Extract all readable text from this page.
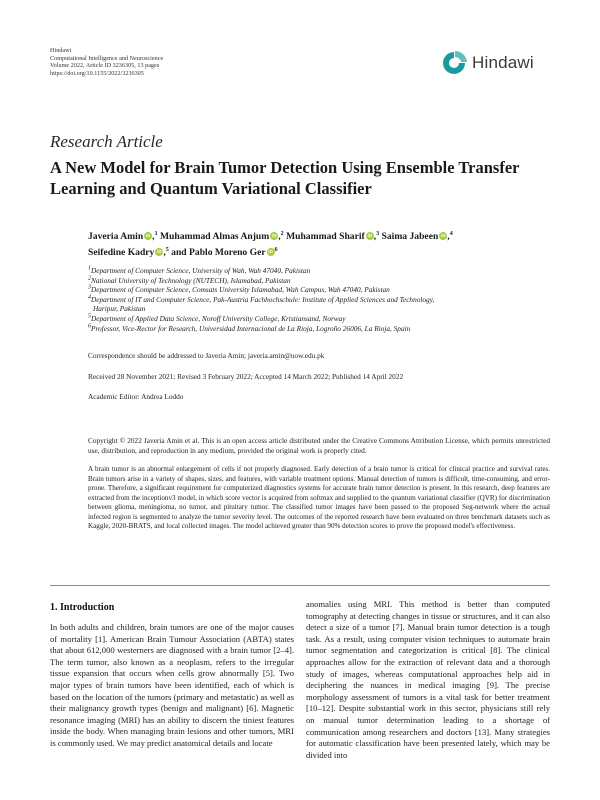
Hindawi
Computational Intelligence and Neuroscience
Volume 2022, Article ID 3236305, 13 pages
https://doi.org/10.1155/2022/3236305
Hindawi
Research Article
A New Model for Brain Tumor Detection Using Ensemble Transfer Learning and Quantum Variational Classifier
Javeria Amin iD ,$^1$ Muhammad Almas Anjum iD ,$^2$ Muhammad Sharif iD ,$^3$ Saima Jabeen iD ,$^4$
Seifedine Kadry iD ,$^5$ and Pablo Moreno Ger iD $^6$
$^1$Department of Computer Science, University of Wah, Wah 47040, Pakistan
$^2$National University of Technology (NUTECH), Islamabad, Pakistan
$^3$Department of Computer Science, Comsats University Islamabad, Wah Campus, Wah 47040, Pakistan
$^4$Department of IT and Computer Science, Pak-Austria Fachhochschule: Institute of Applied Sciences and Technology,
Haripur, Pakistan
$^5$Department of Applied Data Science, Noroff University College, Kristiansand, Norway
$^6$Professor, Vice-Rector for Research, Universidad Internacional de La Rioja, Logroño 26006, La Rioja, Spain
Correspondence should be addressed to Javeria Amin; javeria.amin@uow.edu.pk
Received 28 November 2021; Revised 3 February 2022; Accepted 14 March 2022; Published 14 April 2022
Academic Editor: Andrea Loddo
Copyright © 2022 Javeria Amin et al. This is an open access article distributed under the Creative Commons Attribution License, which permits unrestricted use, distribution, and reproduction in any medium, provided the original work is properly cited.
A brain tumor is an abnormal enlargement of cells if not properly diagnosed. Early detection of a brain tumor is critical for clinical practice and survival rates. Brain tumors arise in a variety of shapes, sizes, and features, with variable treatment options. Manual detection of tumors is difficult, time-consuming, and error-prone. Therefore, a significant requirement for computerized diagnostics systems for accurate brain tumor detection is present. In this research, deep features are extracted from the inceptionv3 model, in which score vector is acquired from softmax and supplied to the quantum variational classifier (QVR) for discrimination between glioma, meningioma, no tumor, and pituitary tumor. The classified tumor images have been passed to the proposed Seg-network where the actual infected region is segmented to analyze the tumor severity level. The outcomes of the reported research have been evaluated on three benchmark datasets such as Kaggle, 2020-BRATS, and local collected images. The model achieved greater than 90% detection scores to prove the proposed model's effectiveness.
1. Introduction
In both adults and children, brain tumors are one of the major causes of mortality [1]. American Brain Tumour Association (ABTA) states that about 612,000 westerners are diagnosed with a brain tumor [2–4]. The term tumor, also known as a neoplasm, refers to the irregular tissue expansion that occurs when cells grow abnormally [5]. Two major types of brain tumors have been identified, each of which is based on the location of the tumors (primary and metastatic) as well as their malignancy growth types (benign and malignant) [6]. Magnetic resonance imaging (MRI) has an ability to discern the tiniest features inside the body. When managing brain lesions and other tumors, MRI is commonly used. We may predict anatomical details and locate
anomalies using MRI. This method is better than computed tomography at detecting changes in tissue or structures, and it can also detect a size of a tumor [7]. Manual brain tumor detection is a tough task. As a result, using computer vision techniques to automate brain tumor segmentation and categorization is critical [8]. The clinical approaches allow for the extraction of relevant data and a thorough study of images, whereas computational approaches help aid in deciphering the nuances in medical imaging [9]. The precise morphology assessment of tumors is a vital task for better treatment [10–12]. Despite substantial work in this sector, physicians still rely on manual tumor determination leading to a shortage of communication among researchers and doctors [13]. Many strategies for automatic classification have been presented lately, which may be divided into
